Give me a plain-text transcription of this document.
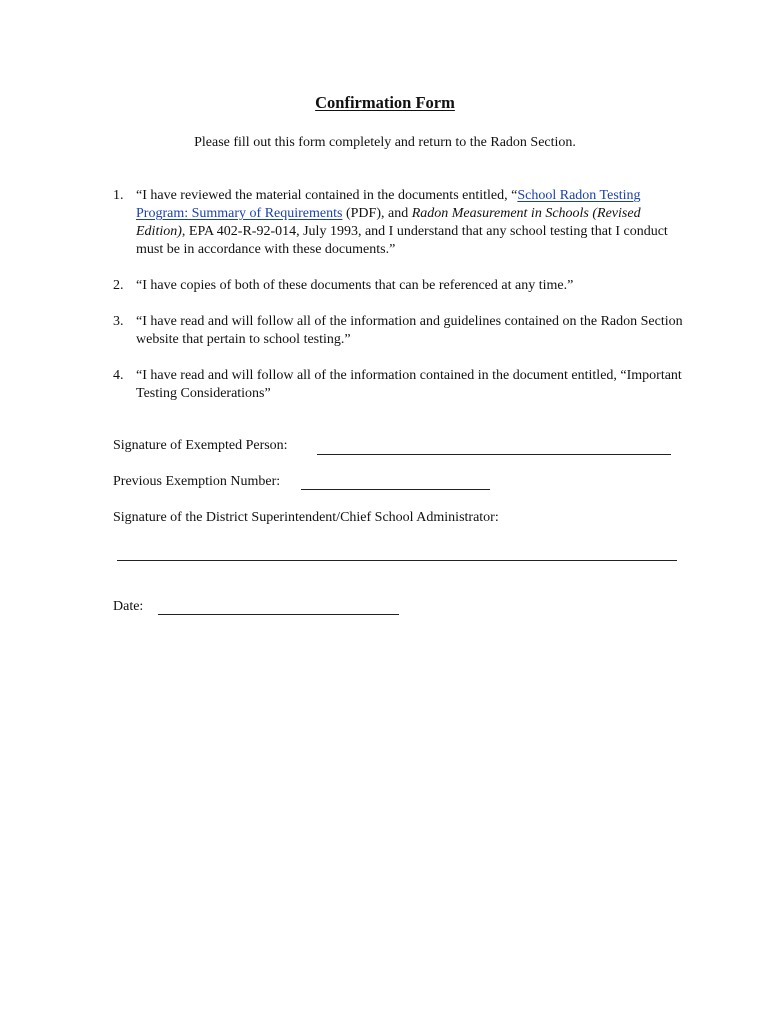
Confirmation Form
Please fill out this form completely and return to the Radon Section.
1. “I have reviewed the material contained in the documents entitled, “School Radon Testing Program: Summary of Requirements (PDF), and Radon Measurement in Schools (Revised Edition), EPA 402-R-92-014, July 1993, and I understand that any school testing that I conduct must be in accordance with these documents.”
2. “I have copies of both of these documents that can be referenced at any time.”
3. “I have read and will follow all of the information and guidelines contained on the Radon Section website that pertain to school testing.”
4. “I have read and will follow all of the information contained in the document entitled, “Important Testing Considerations”
Signature of Exempted Person:
Previous Exemption Number:
Signature of the District Superintendent/Chief School Administrator:
Date:
